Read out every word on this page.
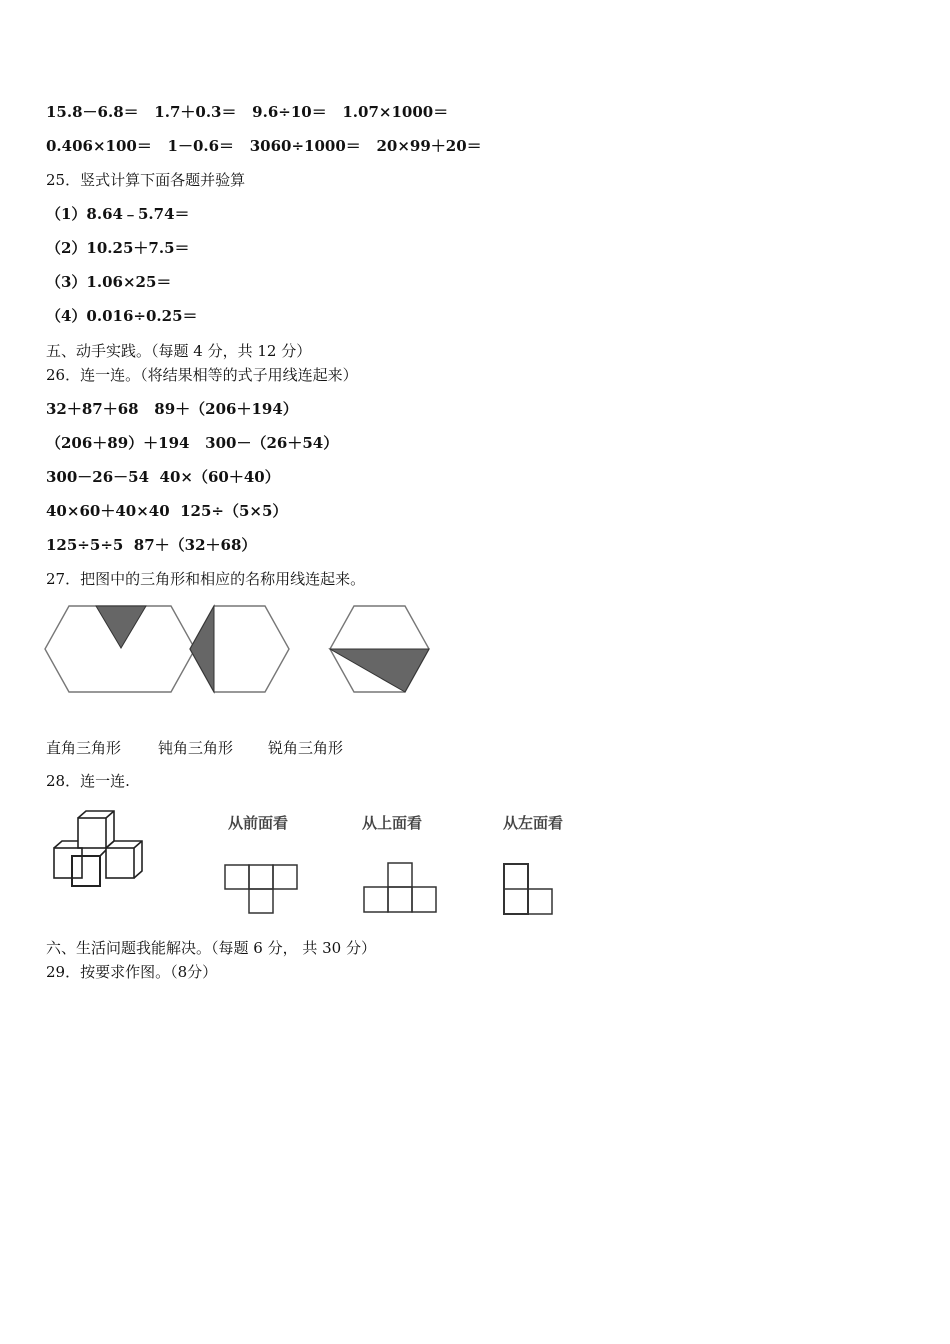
15.8－6.8＝   1.7＋0.3＝   9.6÷10＝   1.07×1000＝
0.406×100＝   1－0.6＝   3060÷1000＝   20×99＋20＝
25．竖式计算下面各题并验算
（1）8.64﹣5.74＝
（2）10.25＋7.5＝
（3）1.06×25＝
（4）0.016÷0.25＝
五、动手实践。（每题 4 分，共 12 分）
26．连一连。（将结果相等的式子用线连起来）
32＋87＋68   89＋（206＋194）
（206＋89）＋194   300－（26＋54）
300－26－54  40×（60＋40）
40×60＋40×40  125÷（5×5）
125÷5÷5  87＋（32＋68）
27．把图中的三角形和相应的名称用线连起来。
直角三角形 钝角三角形 锐角三角形
28．连一连.
从前面看	从上面看	从左面看
六、生活问题我能解决。（每题 6 分， 共 30 分）
29．按要求作图。（8分）
